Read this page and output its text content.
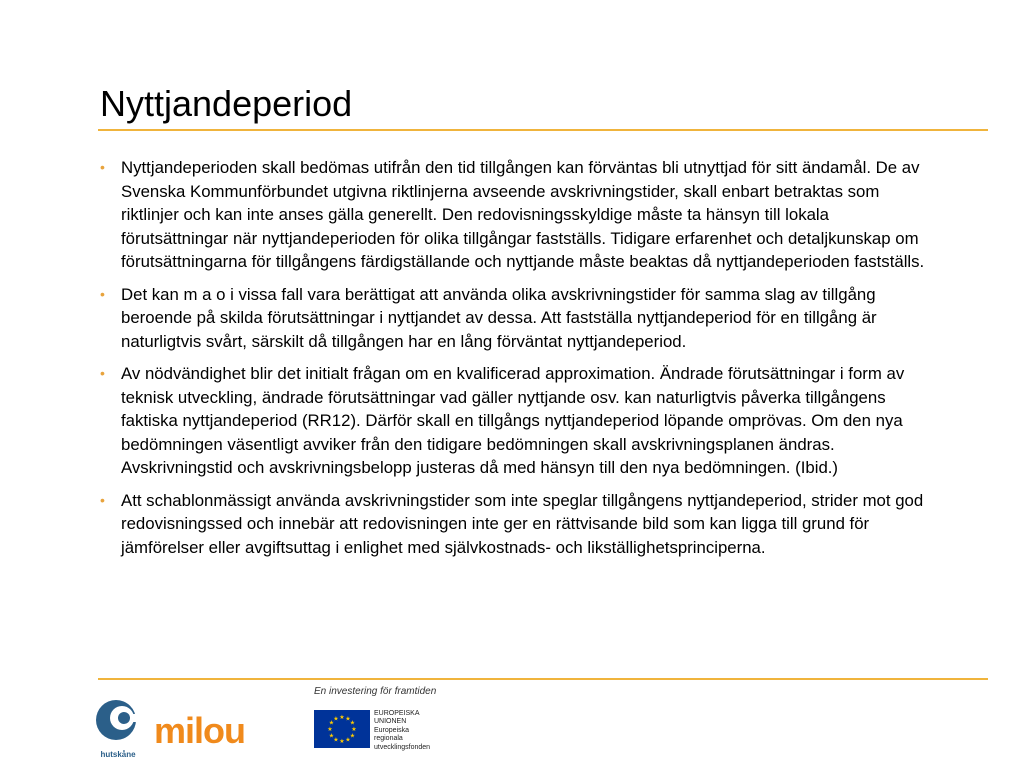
Nyttjandeperiod
• Nyttjandeperioden skall bedömas utifrån den tid tillgången kan förväntas bli utnyttjad för sitt ändamål. De av Svenska Kommunförbundet utgivna riktlinjerna avseende avskrivningstider, skall enbart betraktas som riktlinjer och kan inte anses gälla generellt. Den redovisningsskyldige måste ta hänsyn till lokala förutsättningar när nyttjandeperioden för olika tillgångar fastställs. Tidigare erfarenhet och detaljkunskap om förutsättningarna för tillgångens färdigställande och nyttjande måste beaktas då nyttjandeperioden fastställs.
• Det kan m a o i vissa fall vara berättigat att använda olika avskrivningstider för samma slag av tillgång beroende på skilda förutsättningar i nyttjandet av dessa. Att fastställa nyttjandeperiod för en tillgång är naturligtvis svårt, särskilt då tillgången har en lång förväntat nyttjandeperiod.
• Av nödvändighet blir det initialt frågan om en kvalificerad approximation. Ändrade förutsättningar i form av teknisk utveckling, ändrade förutsättningar vad gäller nyttjande osv. kan naturligtvis påverka tillgångens faktiska nyttjandeperiod (RR12). Därför skall en tillgångs nyttjandeperiod löpande omprövas. Om den nya bedömningen väsentligt avviker från den tidigare bedömningen skall avskrivningsplanen ändras. Avskrivningstid och avskrivningsbelopp justeras då med hänsyn till den nya bedömningen. (Ibid.)
• Att schablonmässigt använda avskrivningstider som inte speglar tillgångens nyttjandeperiod, strider mot god redovisningssed och innebär att redovisningen inte ger en rättvisande bild som kan ligga till grund för jämförelser eller avgiftsuttag i enlighet med självkostnads- och likställighetsprinciperna.
hutskåne
milou
En investering för framtiden
★ ★
★
★
★
★
★
★
★
★
★
★
EUROPEISKA
UNIONEN
Europeiska
regionala
utvecklingsfonden
